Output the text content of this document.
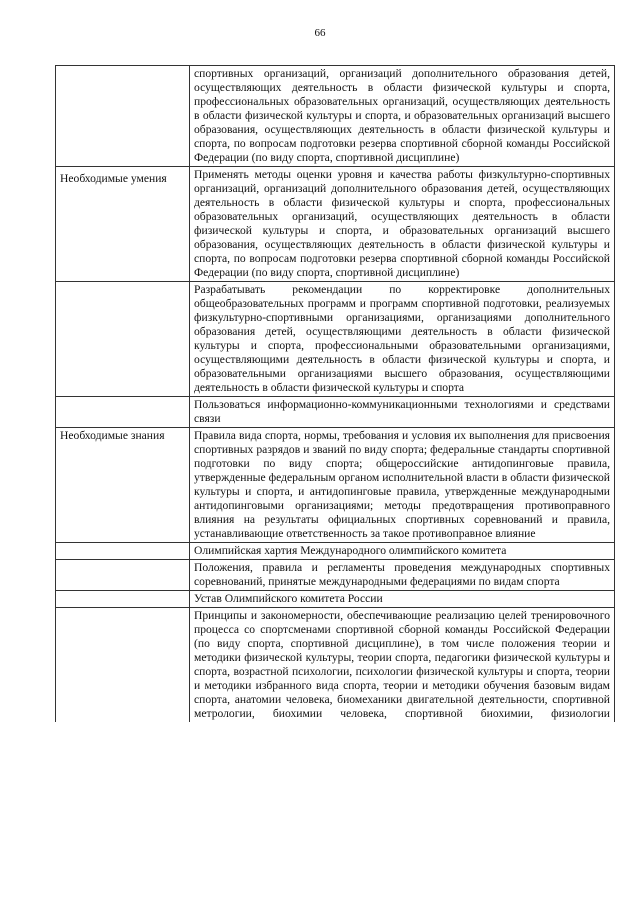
66
	спортивных организаций, организаций дополнительного образования детей, осуществляющих деятельность в области физической культуры и спорта, профессиональных образовательных организаций, осуществляющих деятельность в области физической культуры и спорта, и образовательных организаций высшего образования, осуществляющих деятельность в области физической культуры и спорта, по вопросам подготовки резерва спортивной сборной команды Российской Федерации (по виду спорта, спортивной дисциплине)
Необходимые умения	Применять методы оценки уровня и качества работы физкультурно-спортивных организаций, организаций дополнительного образования детей, осуществляющих деятельность в области физической культуры и спорта, профессиональных образовательных организаций, осуществляющих деятельность в области физической культуры и спорта, и образовательных организаций высшего образования, осуществляющих деятельность в области физической культуры и спорта, по вопросам подготовки резерва спортивной сборной команды Российской Федерации (по виду спорта, спортивной дисциплине)
	Разрабатывать рекомендации по корректировке дополнительных общеобразовательных программ и программ спортивной подготовки, реализуемых физкультурно-спортивными организациями, организациями дополнительного образования детей, осуществляющими деятельность в области физической культуры и спорта, профессиональными образовательными организациями, осуществляющими деятельность в области физической культуры и спорта, и образовательными организациями высшего образования, осуществляющими деятельность в области физической культуры и спорта
	Пользоваться информационно-коммуникационными технологиями и средствами связи
Необходимые знания	Правила вида спорта, нормы, требования и условия их выполнения для присвоения спортивных разрядов и званий по виду спорта; федеральные стандарты спортивной подготовки по виду спорта; общероссийские антидопинговые правила, утвержденные федеральным органом исполнительной власти в области физической культуры и спорта, и антидопинговые правила, утвержденные международными антидопинговыми организациями; методы предотвращения противоправного влияния на результаты официальных спортивных соревнований и правила, устанавливающие ответственность за такое противоправное влияние
	Олимпийская хартия Международного олимпийского комитета
	Положения, правила и регламенты проведения международных спортивных соревнований, принятые международными федерациями по видам спорта
	Устав Олимпийского комитета России
	Принципы и закономерности, обеспечивающие реализацию целей тренировочного процесса со спортсменами спортивной сборной команды Российской Федерации (по виду спорта, спортивной дисциплине), в том числе положения теории и методики физической культуры, теории спорта, педагогики физической культуры и спорта, возрастной психологии, психологии физической культуры и спорта, теории и методики избранного вида спорта, теории и методики обучения базовым видам спорта, анатомии человека, биомеханики двигательной деятельности, спортивной метрологии, биохимии человека, спортивной биохимии, физиологии
